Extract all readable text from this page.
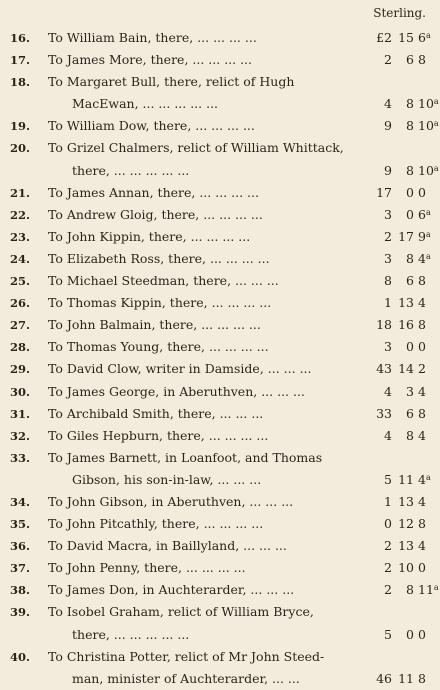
Sterling.
16.	To William Bain, there, ... ... ... ...	£2 15 6$^a$
17.	To James More, there, ... ... ... ...	2	6 8
18.	To Margaret Bull, there, relict of Hugh
MacEwan, ... ... ... ... ...	4	8 10$^a$
19.	To William Dow, there, ... ... ... ...	9	8 10$^a$
20.	To Grizel Chalmers, relict of William Whittack,
there, ... ... ... ... ...	9	8 10$^a$
21.	To James Annan, there, ... ... ... ...	17	0 0
22.	To Andrew Gloig, there, ... ... ... ...	3	0 6$^a$
23.	To John Kippin, there, ... ... ... ...	2 17 9$^a$
24.	To Elizabeth Ross, there, ... ... ... ...	3	8 4$^a$
25.	To Michael Steedman, there, ... ... ...	8	6 8
26.	To Thomas Kippin, there, ... ... ... ...	1 13 4
27.	To John Balmain, there, ... ... ... ...	18 16 8
28.	To Thomas Young, there, ... ... ... ...	3	0 0
29.	To David Clow, writer in Damside, ... ... ...	43 14 2
30.	To James George, in Aberuthven, ... ... ...	4	3 4
31.	To Archibald Smith, there, ... ... ...	33	6 8
32.	To Giles Hepburn, there, ... ... ... ...	4	8 4
33.	To James Barnett, in Loanfoot, and Thomas
Gibson, his son-in-law, ... ... ...	5 11 4$^a$
34.	To John Gibson, in Aberuthven, ... ... ...	1 13 4
35.	To John Pitcathly, there, ... ... ... ...	0 12 8
36.	To David Macra, in Baillyland, ... ... ...	2 13 4
37.	To John Penny, there, ... ... ... ...	2 10 0
38.	To James Don, in Auchterarder, ... ... ...	2	8 11$^a$
39.	To Isobel Graham, relict of William Bryce,
there, ... ... ... ... ...	5	0 0
40.	To Christina Potter, relict of Mr John Steed-
man, minister of Auchterarder, ... ...	46 11 8
